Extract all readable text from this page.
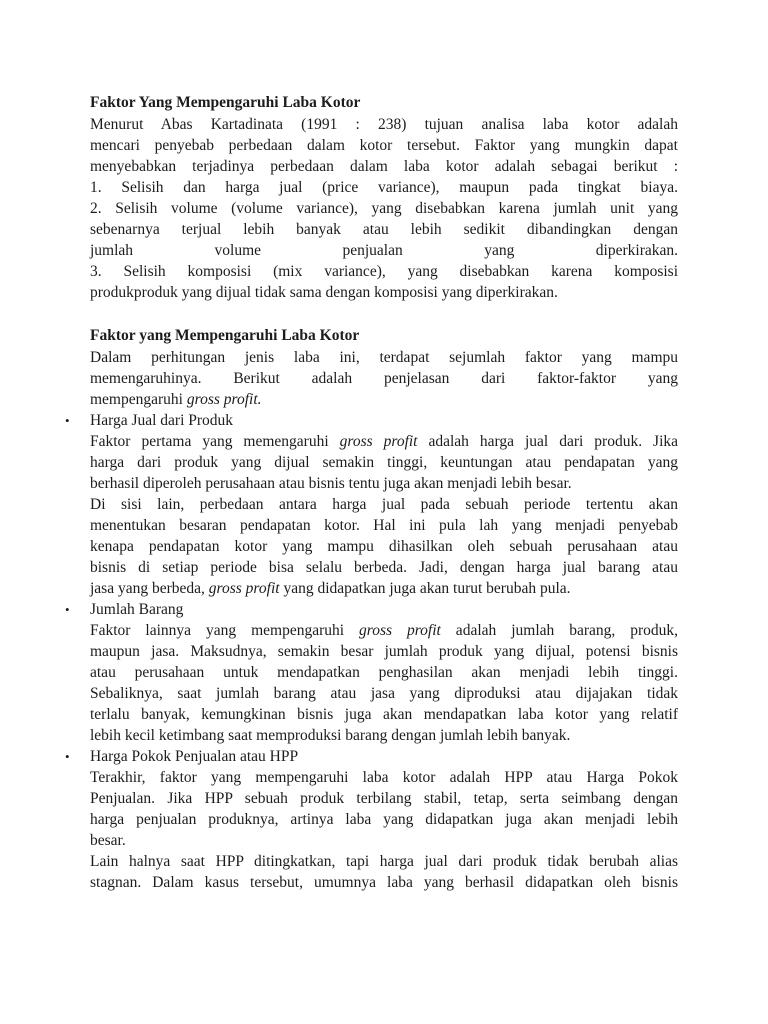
Faktor Yang Mempengaruhi Laba Kotor
Menurut Abas Kartadinata (1991 : 238) tujuan analisa laba kotor adalah
mencari penyebab perbedaan dalam kotor tersebut. Faktor yang mungkin dapat
menyebabkan terjadinya perbedaan dalam laba kotor adalah sebagai berikut :
1. Selisih dan harga jual (price variance), maupun pada tingkat biaya.
2. Selisih volume (volume variance), yang disebabkan karena jumlah unit yang
sebenarnya terjual lebih banyak atau lebih sedikit dibandingkan dengan
jumlah volume penjualan yang diperkirakan.
3. Selisih komposisi (mix variance), yang disebabkan karena komposisi
produkproduk yang dijual tidak sama dengan komposisi yang diperkirakan.
Faktor yang Mempengaruhi Laba Kotor
Dalam perhitungan jenis laba ini, terdapat sejumlah faktor yang mampu
memengaruhinya. Berikut adalah penjelasan dari faktor-faktor yang
mempengaruhi gross profit.
• Harga Jual dari Produk
Faktor pertama yang memengaruhi gross profit adalah harga jual dari produk. Jika
harga dari produk yang dijual semakin tinggi, keuntungan atau pendapatan yang
berhasil diperoleh perusahaan atau bisnis tentu juga akan menjadi lebih besar.
Di sisi lain, perbedaan antara harga jual pada sebuah periode tertentu akan
menentukan besaran pendapatan kotor. Hal ini pula lah yang menjadi penyebab
kenapa pendapatan kotor yang mampu dihasilkan oleh sebuah perusahaan atau
bisnis di setiap periode bisa selalu berbeda. Jadi, dengan harga jual barang atau
jasa yang berbeda, gross profit yang didapatkan juga akan turut berubah pula.
• Jumlah Barang
Faktor lainnya yang mempengaruhi gross profit adalah jumlah barang, produk,
maupun jasa. Maksudnya, semakin besar jumlah produk yang dijual, potensi bisnis
atau perusahaan untuk mendapatkan penghasilan akan menjadi lebih tinggi.
Sebaliknya, saat jumlah barang atau jasa yang diproduksi atau dijajakan tidak
terlalu banyak, kemungkinan bisnis juga akan mendapatkan laba kotor yang relatif
lebih kecil ketimbang saat memproduksi barang dengan jumlah lebih banyak.
• Harga Pokok Penjualan atau HPP
Terakhir, faktor yang mempengaruhi laba kotor adalah HPP atau Harga Pokok
Penjualan. Jika HPP sebuah produk terbilang stabil, tetap, serta seimbang dengan
harga penjualan produknya, artinya laba yang didapatkan juga akan menjadi lebih
besar.
Lain halnya saat HPP ditingkatkan, tapi harga jual dari produk tidak berubah alias
stagnan. Dalam kasus tersebut, umumnya laba yang berhasil didapatkan oleh bisnis
